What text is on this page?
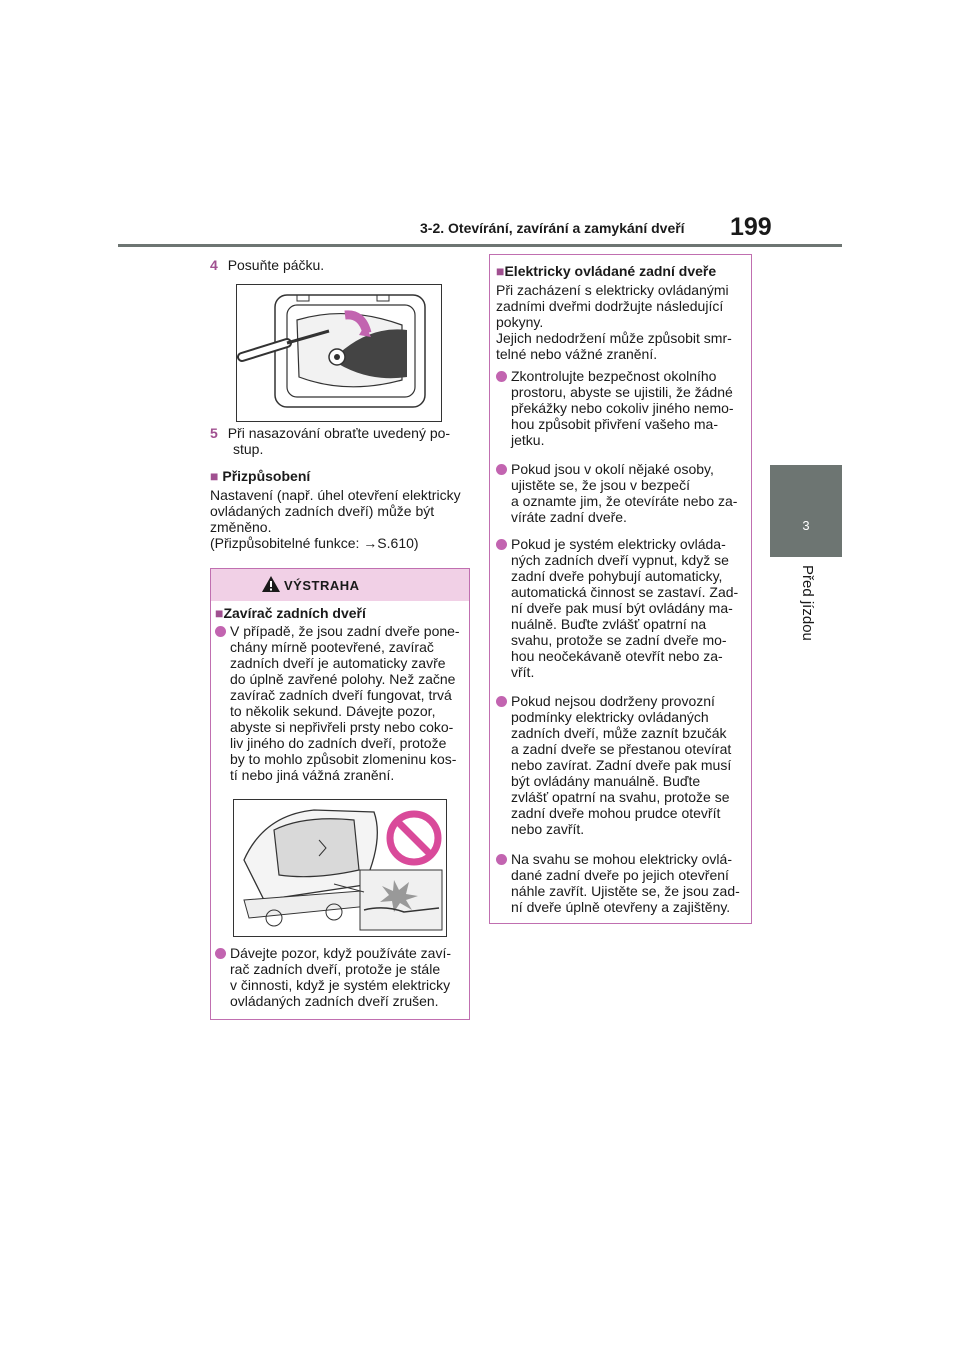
3-2. Otevírání, zavírání a zamykání dveří 199
3
Před jízdou
4 Posuňte páčku.
5 Při nasazování obraťte uvedený po-
stup.
■ Přizpůsobení
Nastavení (např. úhel otevření elektricky
ovládaných zadních dveří) může být
změněno.
(Přizpůsobitelné funkce: →S.610)
VÝSTRAHA
■Zavírač zadních dveří
V případě, že jsou zadní dveře pone-
chány mírně pootevřené, zavírač
zadních dveří je automaticky zavře
do úplně zavřené polohy. Než začne
zavírač zadních dveří fungovat, trvá
to několik sekund. Dávejte pozor,
abyste si nepřivřeli prsty nebo coko-
liv jiného do zadních dveří, protože
by to mohlo způsobit zlomeninu kos-
tí nebo jiná vážná zranění.
Dávejte pozor, když používáte zaví-
rač zadních dveří, protože je stále
v činnosti, když je systém elektricky
ovládaných zadních dveří zrušen.
■Elektricky ovládané zadní dveře
Při zacházení s elektricky ovládanými
zadními dveřmi dodržujte následující
pokyny.
Jejich nedodržení může způsobit smr-
telné nebo vážné zranění.
Zkontrolujte bezpečnost okolního
prostoru, abyste se ujistili, že žádné
překážky nebo cokoliv jiného nemo-
hou způsobit přivření vašeho ma-
jetku.
Pokud jsou v okolí nějaké osoby,
ujistěte se, že jsou v bezpečí
a oznamte jim, že otevíráte nebo za-
víráte zadní dveře.
Pokud je systém elektricky ovláda-
ných zadních dveří vypnut, když se
zadní dveře pohybují automaticky,
automatická činnost se zastaví. Zad-
ní dveře pak musí být ovládány ma-
nuálně. Buďte zvlášť opatrní na
svahu, protože se zadní dveře mo-
hou neočekávaně otevřít nebo za-
vřít.
Pokud nejsou dodrženy provozní
podmínky elektricky ovládaných
zadních dveří, může zaznít bzučák
a zadní dveře se přestanou otevírat
nebo zavírat. Zadní dveře pak musí
být ovládány manuálně. Buďte
zvlášť opatrní na svahu, protože se
zadní dveře mohou prudce otevřít
nebo zavřít.
Na svahu se mohou elektricky ovlá-
dané zadní dveře po jejich otevření
náhle zavřít. Ujistěte se, že jsou zad-
ní dveře úplně otevřeny a zajištěny.
